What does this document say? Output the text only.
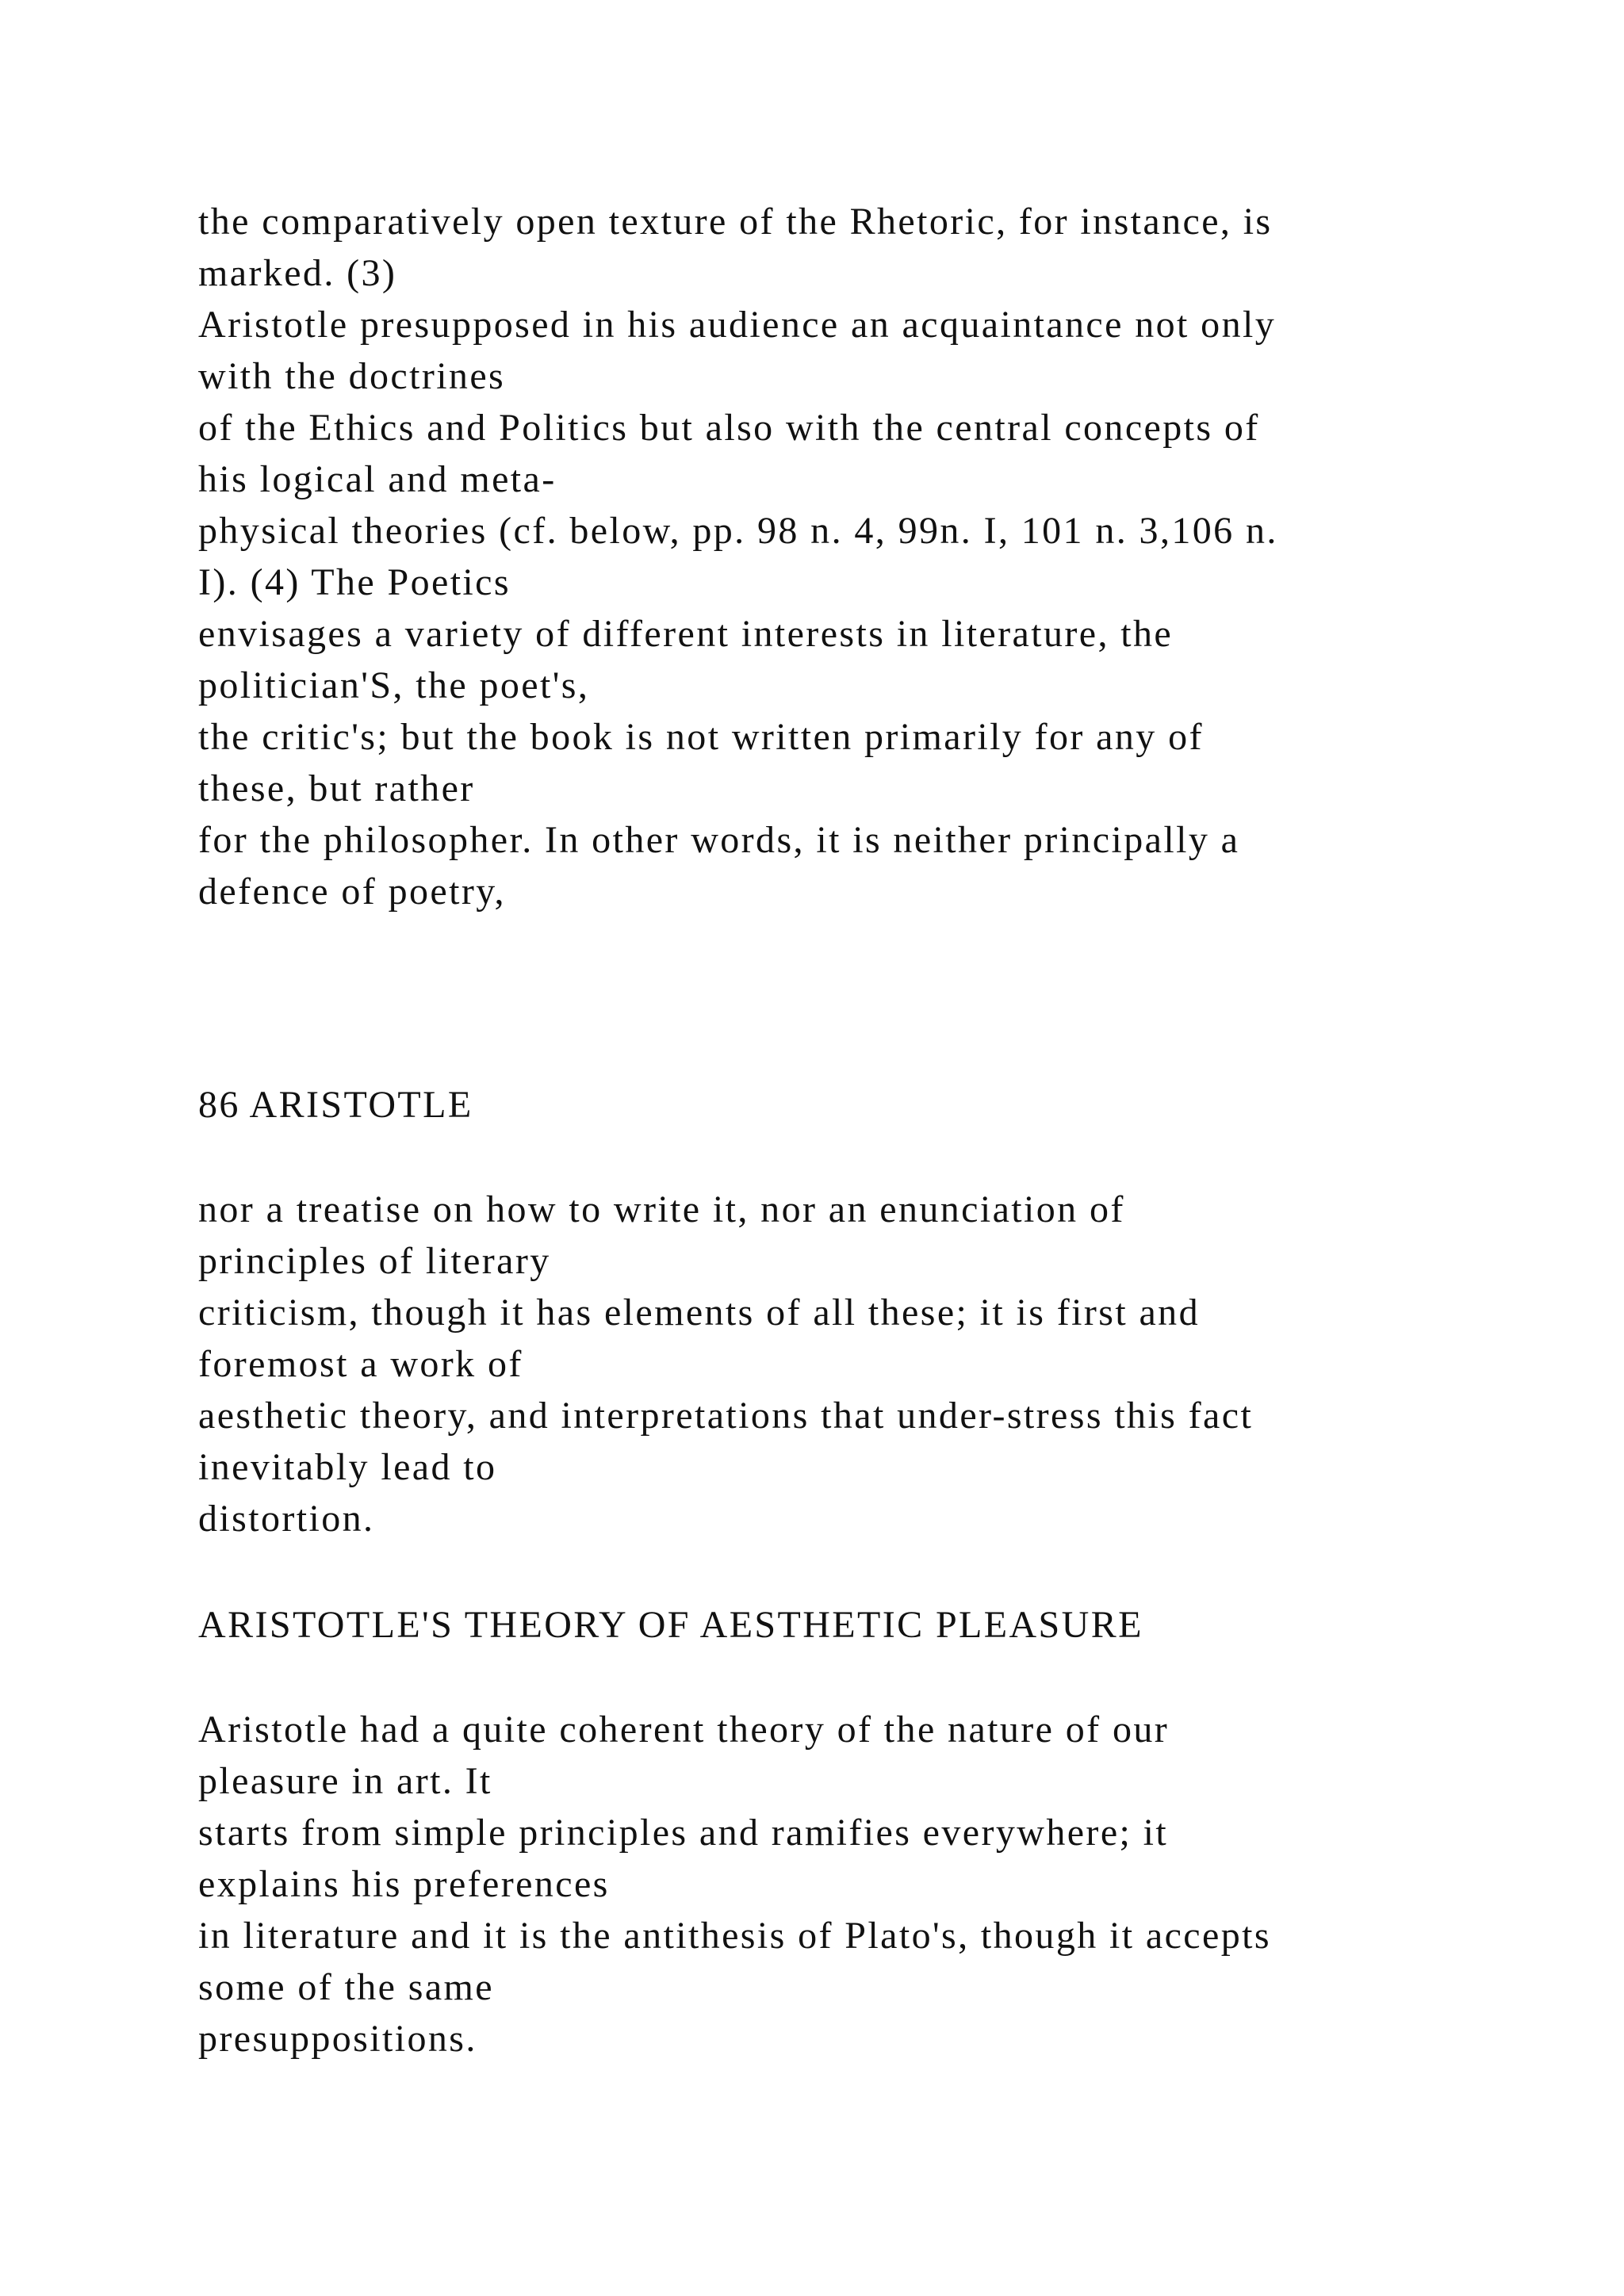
the comparatively open texture of the Rhetoric, for instance, is

marked. (3)

Aristotle presupposed in his audience an acquaintance not only

with the doctrines

of the Ethics and Politics but also with the central concepts of

his logical and meta-

physical theories (cf. below, pp. 98 n. 4, 99n. I, 101 n. 3,106 n.

I). (4) The Poetics

envisages a variety of different interests in literature, the

politician'S, the poet's,

the critic's; but the book is not written primarily for any of

these, but rather

for the philosopher. In other words, it is neither principally a

defence of poetry,

86 ARISTOTLE

nor a treatise on how to write it, nor an enunciation of

principles of literary

criticism, though it has elements of all these; it is first and

foremost a work of

aesthetic theory, and interpretations that under-stress this fact

inevitably lead to

distortion.

ARISTOTLE'S THEORY OF AESTHETIC PLEASURE

Aristotle had a quite coherent theory of the nature of our

pleasure in art. It

starts from simple principles and ramifies everywhere; it

explains his preferences

in literature and it is the antithesis of Plato's, though it accepts

some of the same

presuppositions.
